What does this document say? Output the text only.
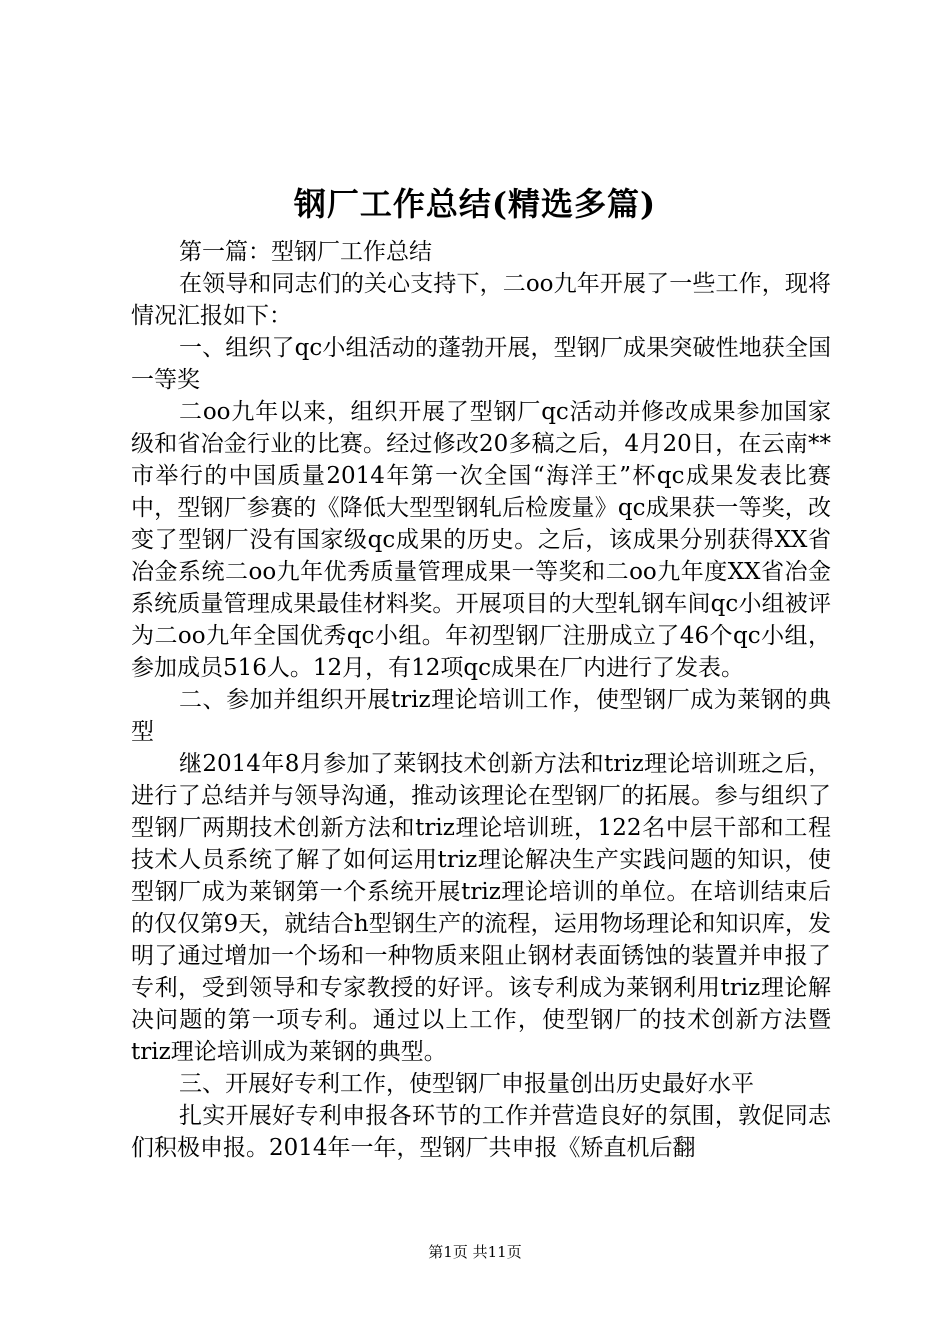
钢厂工作总结(精选多篇)

第一篇：型钢厂工作总结

在领导和同志们的关心支持下，二oo九年开展了一些工作，现将情况汇报如下：

一、组织了qc小组活动的蓬勃开展，型钢厂成果突破性地获全国一等奖

二oo九年以来，组织开展了型钢厂qc活动并修改成果参加国家级和省冶金行业的比赛。经过修改20多稿之后，4月20日，在云南**市举行的中国质量2014年第一次全国“海洋王”杯qc成果发表比赛中，型钢厂参赛的《降低大型型钢轧后检废量》qc成果获一等奖，改变了型钢厂没有国家级qc成果的历史。之后，该成果分别获得XX省冶金系统二oo九年优秀质量管理成果一等奖和二oo九年度XX省冶金系统质量管理成果最佳材料奖。开展项目的大型轧钢车间qc小组被评为二oo九年全国优秀qc小组。年初型钢厂注册成立了46个qc小组，参加成员516人。12月，有12项qc成果在厂内进行了发表。

二、参加并组织开展triz理论培训工作，使型钢厂成为莱钢的典型

继2014年8月参加了莱钢技术创新方法和triz理论培训班之后，进行了总结并与领导沟通，推动该理论在型钢厂的拓展。参与组织了型钢厂两期技术创新方法和triz理论培训班，122名中层干部和工程技术人员系统了解了如何运用triz理论解决生产实践问题的知识，使型钢厂成为莱钢第一个系统开展triz理论培训的单位。在培训结束后的仅仅第9天，就结合h型钢生产的流程，运用物场理论和知识库，发明了通过增加一个场和一种物质来阻止钢材表面锈蚀的装置并申报了专利，受到领导和专家教授的好评。该专利成为莱钢利用triz理论解决问题的第一项专利。通过以上工作，使型钢厂的技术创新方法暨triz理论培训成为莱钢的典型。

三、开展好专利工作，使型钢厂申报量创出历史最好水平

扎实开展好专利申报各环节的工作并营造良好的氛围，敦促同志们积极申报。2014年一年，型钢厂共申报《矫直机后翻

第1页 共11页
